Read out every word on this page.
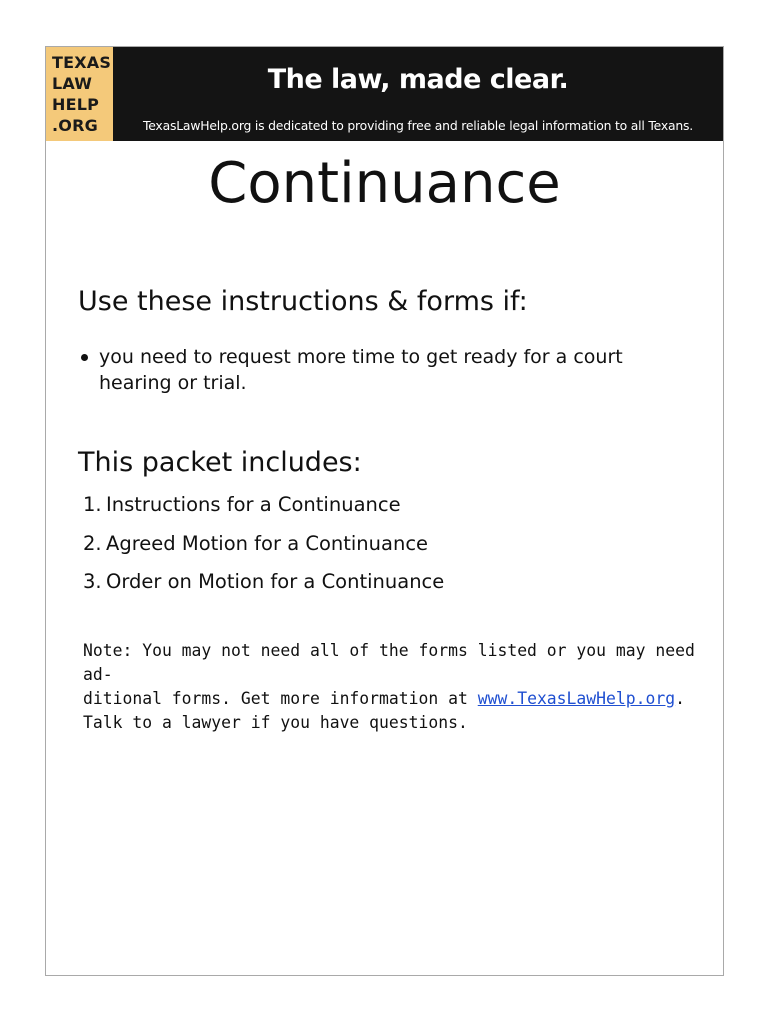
TEXAS
LAW
HELP
.ORG
The law, made clear.
TexasLawHelp.org is dedicated to providing free and reliable legal information to all Texans.
Continuance
Use these instructions & forms if:
you need to request more time to get ready for a court
hearing or trial.
This packet includes:
1. Instructions for a Continuance
2. Agreed Motion for a Continuance
3. Order on Motion for a Continuance
Note: You may not need all of the forms listed or you may need ad-
ditional forms. Get more information at www.TexasLawHelp.org.
Talk to a lawyer if you have questions.
